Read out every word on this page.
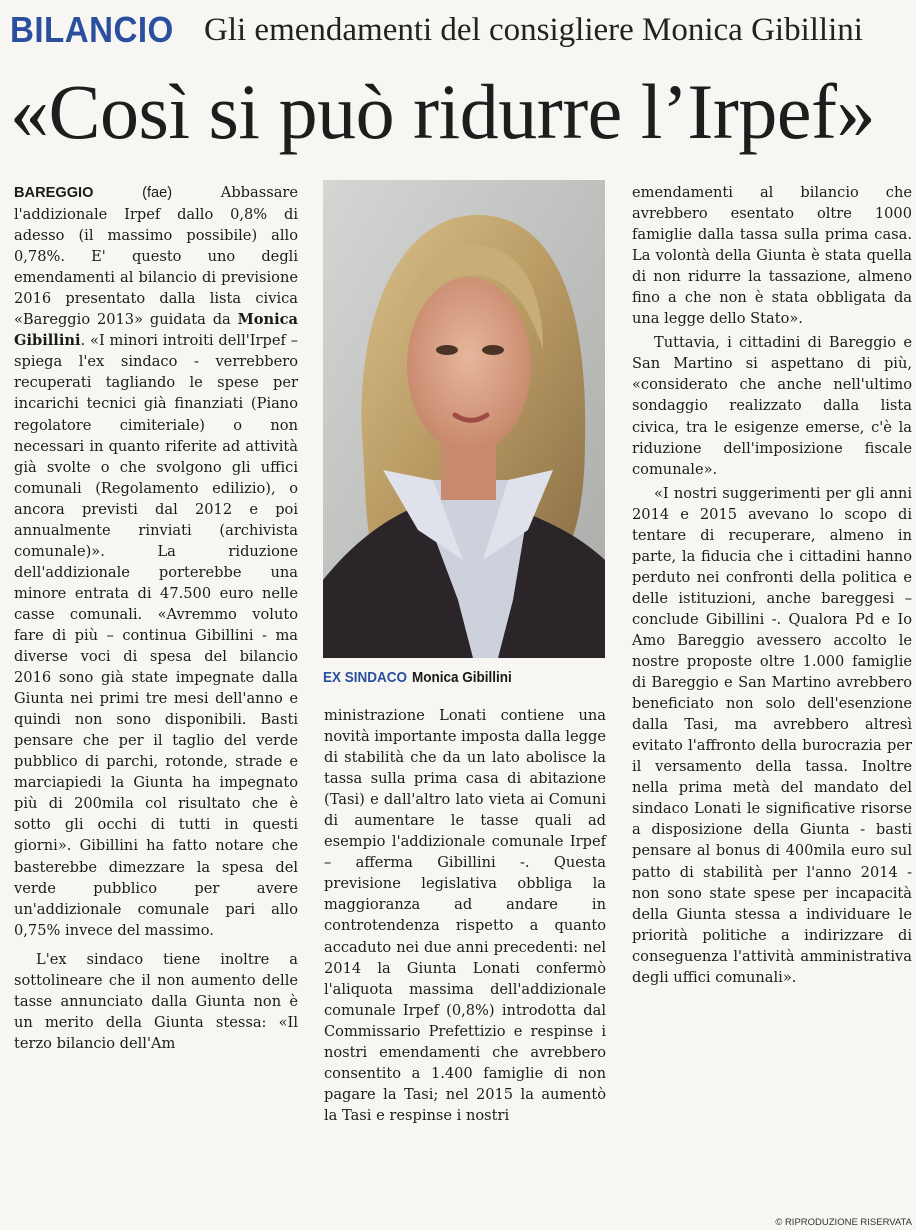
BILANCIO Gli emendamenti del consigliere Monica Gibillini
«Così si può ridurre l’Irpef»

BAREGGIO	(fae)	Abbassare l'addizionale Irpef dallo 0,8% di adesso (il massimo possibile) allo 0,78%. E' questo uno degli emendamenti al bilancio di previsione 2016 presentato dalla lista civica «Bareggio 2013» guidata da Monica Gibillini. «I minori introiti dell'Irpef – spiega l'ex sindaco - verrebbero recuperati tagliando le spese per incarichi tecnici già finanziati (Piano regolatore cimiteriale) o non necessari in quanto riferite ad attività già svolte o che svolgono gli uffici comunali (Regolamento edilizio), o ancora previsti dal 2012 e poi annualmente rinviati (archivista comunale)». La riduzione dell'addizionale porterebbe una minore entrata di 47.500 euro nelle casse comunali. «Avremmo voluto fare di più – continua Gibillini - ma diverse voci di spesa del bilancio 2016 sono già state impegnate dalla Giunta nei primi tre mesi dell'anno e quindi non sono disponibili. Basti pensare che per il taglio del verde pubblico di parchi, rotonde, strade e marciapiedi la Giunta ha impegnato più di 200mila col risultato che è sotto gli occhi di tutti in questi giorni». Gibillini ha fatto notare che basterebbe dimezzare la spesa del verde pubblico per avere un'addizionale comunale pari allo 0,75% invece del massimo.

L'ex sindaco tiene inoltre a sottolineare che il non aumento delle tasse annunciato dalla Giunta non è un merito della Giunta stessa: «Il terzo bilancio dell'Am

EX SINDACO Monica Gibillini

ministrazione Lonati contiene una novità importante imposta dalla legge di stabilità che da un lato abolisce la tassa sulla prima casa di abitazione (Tasi) e dall'altro lato vieta ai Comuni di aumentare le tasse quali ad esempio l'addizionale comunale Irpef – afferma Gibillini -. Questa previsione legislativa obbliga la maggioranza ad andare in controtendenza rispetto a quanto accaduto nei due anni precedenti: nel 2014 la Giunta Lonati confermò l'aliquota massima dell'addizionale comunale Irpef (0,8%) introdotta dal Commissario Prefettizio e respinse i nostri emendamenti che avrebbero consentito a 1.400 famiglie di non pagare la Tasi; nel 2015 la aumentò la Tasi e respinse i nostri

emendamenti al bilancio che avrebbero esentato oltre 1000 famiglie dalla tassa sulla prima casa. La volontà della Giunta è stata quella di non ridurre la tassazione, almeno fino a che non è stata obbligata da una legge dello Stato».

Tuttavia, i cittadini di Bareggio e San Martino si aspettano di più, «considerato che anche nell'ultimo sondaggio realizzato dalla lista civica, tra le esigenze emerse, c'è la riduzione dell'imposizione fiscale comunale».

«I nostri suggerimenti per gli anni 2014 e 2015 avevano lo scopo di tentare di recuperare, almeno in parte, la fiducia che i cittadini hanno perduto nei confronti della politica e delle istituzioni, anche bareggesi – conclude Gibillini -. Qualora Pd e Io Amo Bareggio avessero accolto le nostre proposte oltre 1.000 famiglie di Bareggio e San Martino avrebbero beneficiato non solo dell'esenzione dalla Tasi, ma avrebbero altresì evitato l'affronto della burocrazia per il versamento della tassa. Inoltre nella prima metà del mandato del sindaco Lonati le significative risorse a disposizione della Giunta - basti pensare al bonus di 400mila euro sul patto di stabilità per l'anno 2014 - non sono state spese per incapacità della Giunta stessa a individuare le priorità politiche a indirizzare di conseguenza l'attività amministrativa degli uffici comunali».

© RIPRODUZIONE RISERVATA
